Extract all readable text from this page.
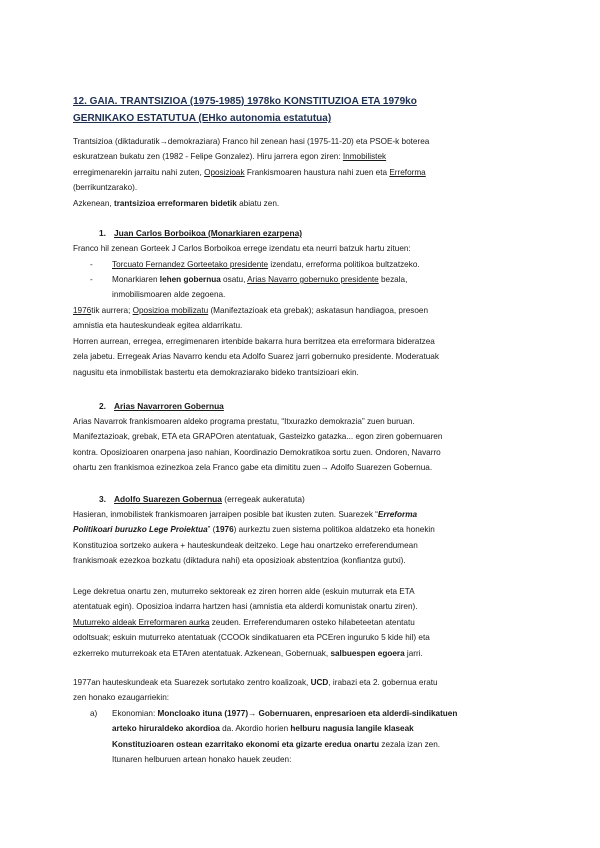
12. GAIA. TRANTSIZIOA (1975-1985) 1978ko KONSTITUZIOA ETA 1979ko
GERNIKAKO ESTATUTUA (EHko autonomia estatutua)
Trantsizioa (diktaduratik→demokraziara) Franco hil zenean hasi (1975-11-20) eta PSOE-k boterea
eskuratzean bukatu zen (1982 - Felipe Gonzalez). Hiru jarrera egon ziren: Inmobilistek
erregimenarekin jarraitu nahi zuten, Oposizioak Frankismoaren haustura nahi zuen eta Erreforma
(berrikuntzarako).
Azkenean, trantsizioa erreformaren bidetik abiatu zen.
1. Juan Carlos Borboikoa (Monarkiaren ezarpena)
Franco hil zenean Gorteek J Carlos Borboikoa errege izendatu eta neurri batzuk hartu zituen:
- Torcuato Fernandez Gorteetako presidente izendatu, erreforma politikoa bultzatzeko.
- Monarkiaren lehen gobernua osatu, Arias Navarro gobernuko presidente bezala,
inmobilismoaren alde zegoena.
1976tik aurrera; Oposizioa mobilizatu (Manifeztazioak eta grebak); askatasun handiagoa, presoen
amnistia eta hauteskundeak egitea aldarrikatu.
Horren aurrean, erregea, erregimenaren irtenbide bakarra hura berritzea eta erreformara bideratzea
zela jabetu. Erregeak Arias Navarro kendu eta Adolfo Suarez jarri gobernuko presidente. Moderatuak
nagusitu eta inmobilistak bastertu eta demokraziarako bideko trantsizioari ekin.
2. Arias Navarroren Gobernua
Arias Navarrok frankismoaren aldeko programa prestatu, “Itxurazko demokrazia” zuen buruan.
Manifeztazioak, grebak, ETA eta GRAPOren atentatuak, Gasteizko gatazka... egon ziren gobernuaren
kontra. Oposizioaren onarpena jaso nahian, Koordinazio Demokratikoa sortu zuen. Ondoren, Navarro
ohartu zen frankismoa ezinezkoa zela Franco gabe eta dimititu zuen→ Adolfo Suarezen Gobernua.
3. Adolfo Suarezen Gobernua (erregeak aukeratuta)
Hasieran, inmobilistek frankismoaren jarraipen posible bat ikusten zuten. Suarezek “Erreforma
Politikoari buruzko Lege Proiektua” (1976) aurkeztu zuen sistema politikoa aldatzeko eta honekin
Konstituzioa sortzeko aukera + hauteskundeak deitzeko. Lege hau onartzeko erreferendumean
frankismoak ezezkoa bozkatu (diktadura nahi) eta oposizioak abstentzioa (konfiantza gutxi).
Lege dekretua onartu zen, muturreko sektoreak ez ziren horren alde (eskuin muturrak eta ETA
atentatuak egin). Oposizioa indarra hartzen hasi (amnistia eta alderdi komunistak onartu ziren).
Muturreko aldeak Erreformaren aurka zeuden. Erreferendumaren osteko hilabeteetan atentatu
odoltsuak; eskuin muturreko atentatuak (CCOOk sindikatuaren eta PCEren inguruko 5 kide hil) eta
ezkerreko muturrekoak eta ETAren atentatuak. Azkenean, Gobernuak, salbuespen egoera jarri.
1977an hauteskundeak eta Suarezek sortutako zentro koalizoak, UCD, irabazi eta 2. gobernua eratu
zen honako ezaugarriekin:
a) Ekonomian: Moncloako ituna (1977)→ Gobernuaren, enpresarioen eta alderdi-sindikatuen
arteko hiruraldeko akordioa da. Akordio horien helburu nagusia langile klaseak
Konstituzioaren ostean ezarritako ekonomi eta gizarte eredua onartu zezala izan zen.
Itunaren helburuen artean honako hauek zeuden:
